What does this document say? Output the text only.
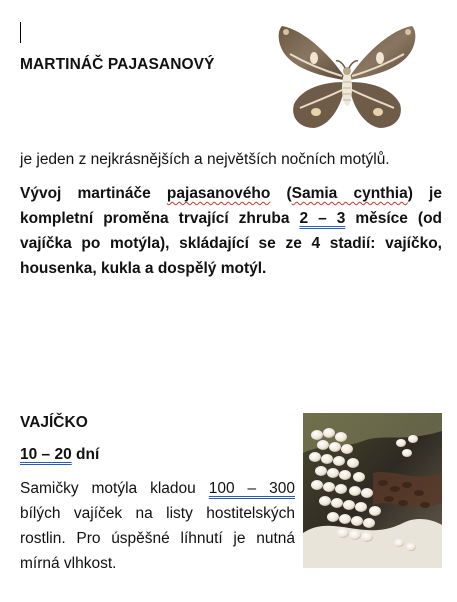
MARTINÁČ PAJASANOVÝ
je jeden z nejkrásnějších a největších nočních motýlů.
Vývoj martináče pajasanového (Samia cynthia) je kompletní proměna trvající zhruba 2 – 3 měsíce (od vajíčka po motýla), skládající se ze 4 stadií: vajíčko, housenka, kukla a dospělý motýl.
VAJÍČKO
10 – 20 dní
Samičky motýla kladou 100 – 300 bílých vajíček na listy hostitelských rostlin. Pro úspěšné líhnutí je nutná mírná vlhkost.
